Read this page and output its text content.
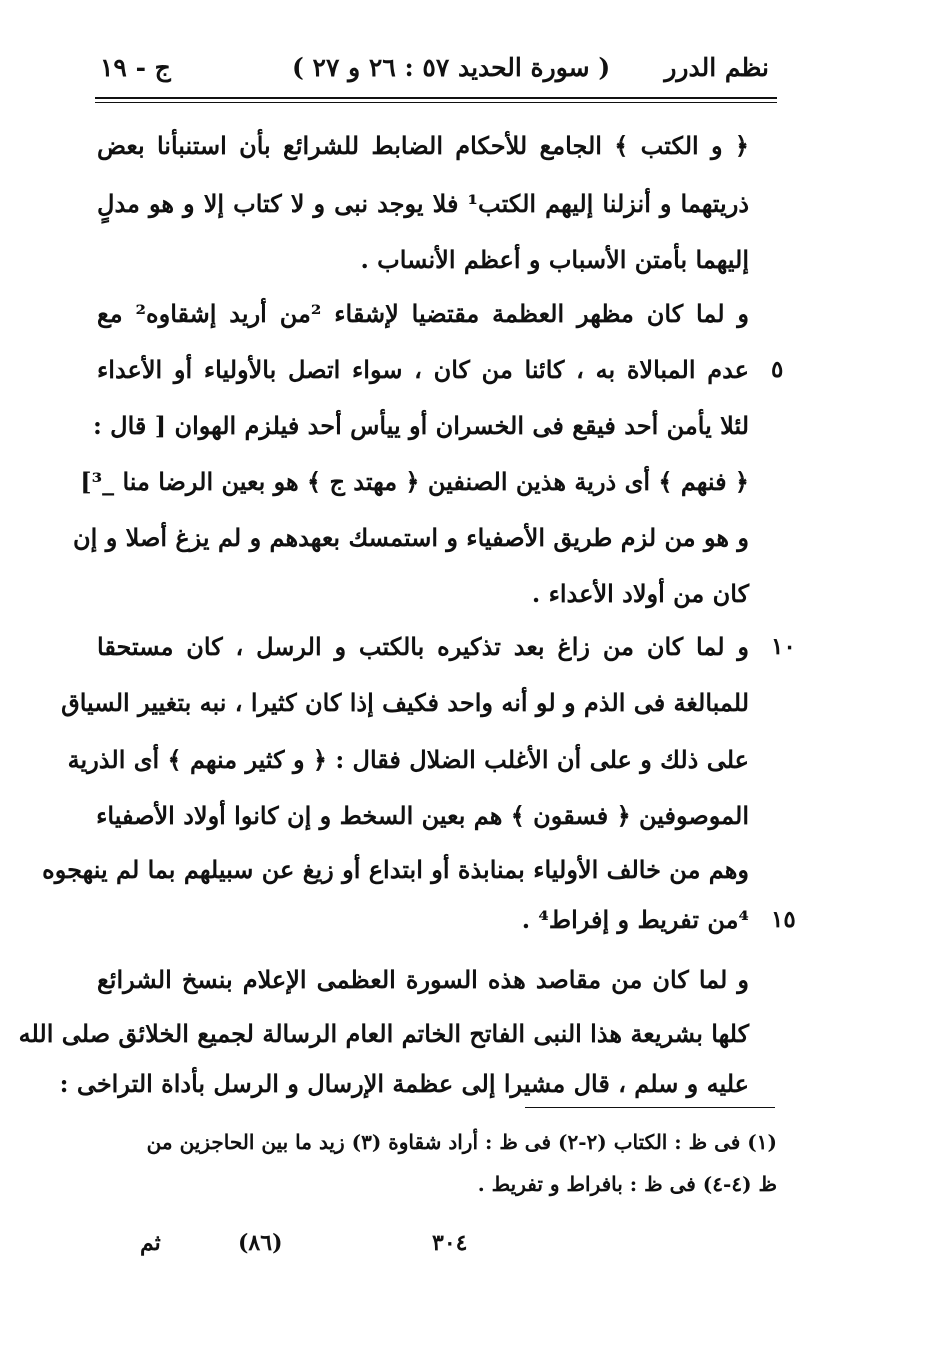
نظم الدرر
( سورة الحديد ٥٧ : ٢٦ و ٢٧ )
ج - ١٩
﴿ و الكتب ﴾ الجامع للأحكام الضابط للشرائع بأن استنبأنا بعض
ذريتهما و أنزلنا إليهم الكتب¹ فلا يوجد نبى و لا كتاب إلا و هو مدلٍ
إليهما بأمتن الأسباب و أعظم الأنساب .
و لما كان مظهر العظمة مقتضيا لإشقاء ²من أريد إشقاوه² مع
عدم المبالاة به ، كائنا من كان ، سواء اتصل بالأولياء أو الأعداء ٥
لئلا يأمن أحد فيقع فى الخسران أو ييأس أحد فيلزم الهوان [ قال :
﴿ فنهم ﴾ أى ذرية هذين الصنفين ﴿ مهتد ج ﴾ هو بعين الرضا منا _³]
و هو من لزم طريق الأصفياء و استمسك بعهدهم و لم يزغ أصلا و إن
كان من أولاد الأعداء .
و لما كان من زاغ بعد تذكيره بالكتب و الرسل ، كان مستحقا ١٠
للمبالغة فى الذم و لو أنه واحد فكيف إذا كان كثيرا ، نبه بتغيير السياق
على ذلك و على أن الأغلب الضلال فقال : ﴿ و كثير منهم ﴾ أى الذرية
الموصوفين ﴿ فسقون ﴾ هم بعين السخط و إن كانوا أولاد الأصفياء
وهم من خالف الأولياء بمنابذة أو ابتداع أو زيغ عن سبيلهم بما لم ينهجوه
⁴من تفريط و إفراط⁴ . ١٥
و لما كان من مقاصد هذه السورة العظمى الإعلام بنسخ الشرائع
كلها بشريعة هذا النبى الفاتح الخاتم العام الرسالة لجميع الخلائق صلى الله
عليه و سلم ، قال مشيرا إلى عظمة الإرسال و الرسل بأداة التراخى :
(١) فى ظ : الكتاب (٢-٢) فى ظ : أراد شقاوة (٣) زيد ما بين الحاجزين من
ظ (٤-٤) فى ظ : بافراط و تفريط .
٣٠٤
(٨٦)
ثم
